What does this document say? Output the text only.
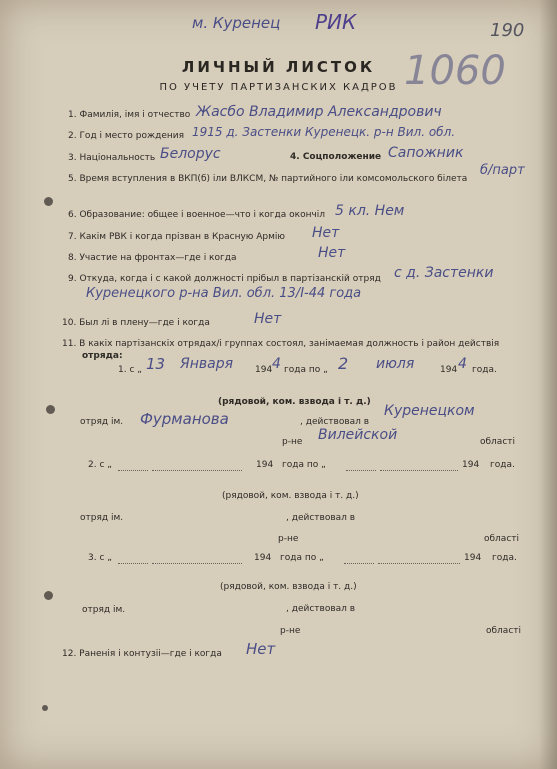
м. Куренец РИК	190
1060
ЛИЧНЫЙ ЛИСТОК
ПО УЧЕТУ ПАРТИЗАНСКИХ КАДРОВ
1. Фамилія, імя і отчество Жасбо Владимир Александрович
2. Год і место рождения 1915 д. Застенки Куренецк. р-н Вил. обл.
3. Національность Белорус	4. Соцположение Сапожник
5. Время вступления в ВКП(б) іли ВЛКСМ, № партийного іли комсомольского білета
б/парт
6. Образование: общее і военное—что і когда окончіл 5 кл. Нем
7. Какім РВК і когда прізван в Красную Армію Нет
8. Участие на фронтах—где і когда	Нет
9. Откуда, когда і с какой должності прібыл в партізанскій отряд с д. Застенки
Куренецкого р-на Вил. обл. 13/I-44 года
10. Был лі в плену—где і когда	Нет
11. В какіх партізанскіх отрядах/і группах состоял, занімаемая должность і район действія
отряда:
1. с „ 13 Января 194 4 года по „ 2 июля	194 4 года.
(рядовой, ком. взвода і т. д.)
отряд ім. Фурманова	, действовал в
Куренецком
р-не Вилейской	області
2. с „	194 года по „	194 года.
(рядовой, ком. взвода і т. д.)
отряд ім.	, действовал в
р-не	області
3. с „	194 года по „	194 года.
(рядовой, ком. взвода і т. д.)
отряд ім.	, действовал в
р-не	області
12. Раненія і контузіі—где і когда Нет
